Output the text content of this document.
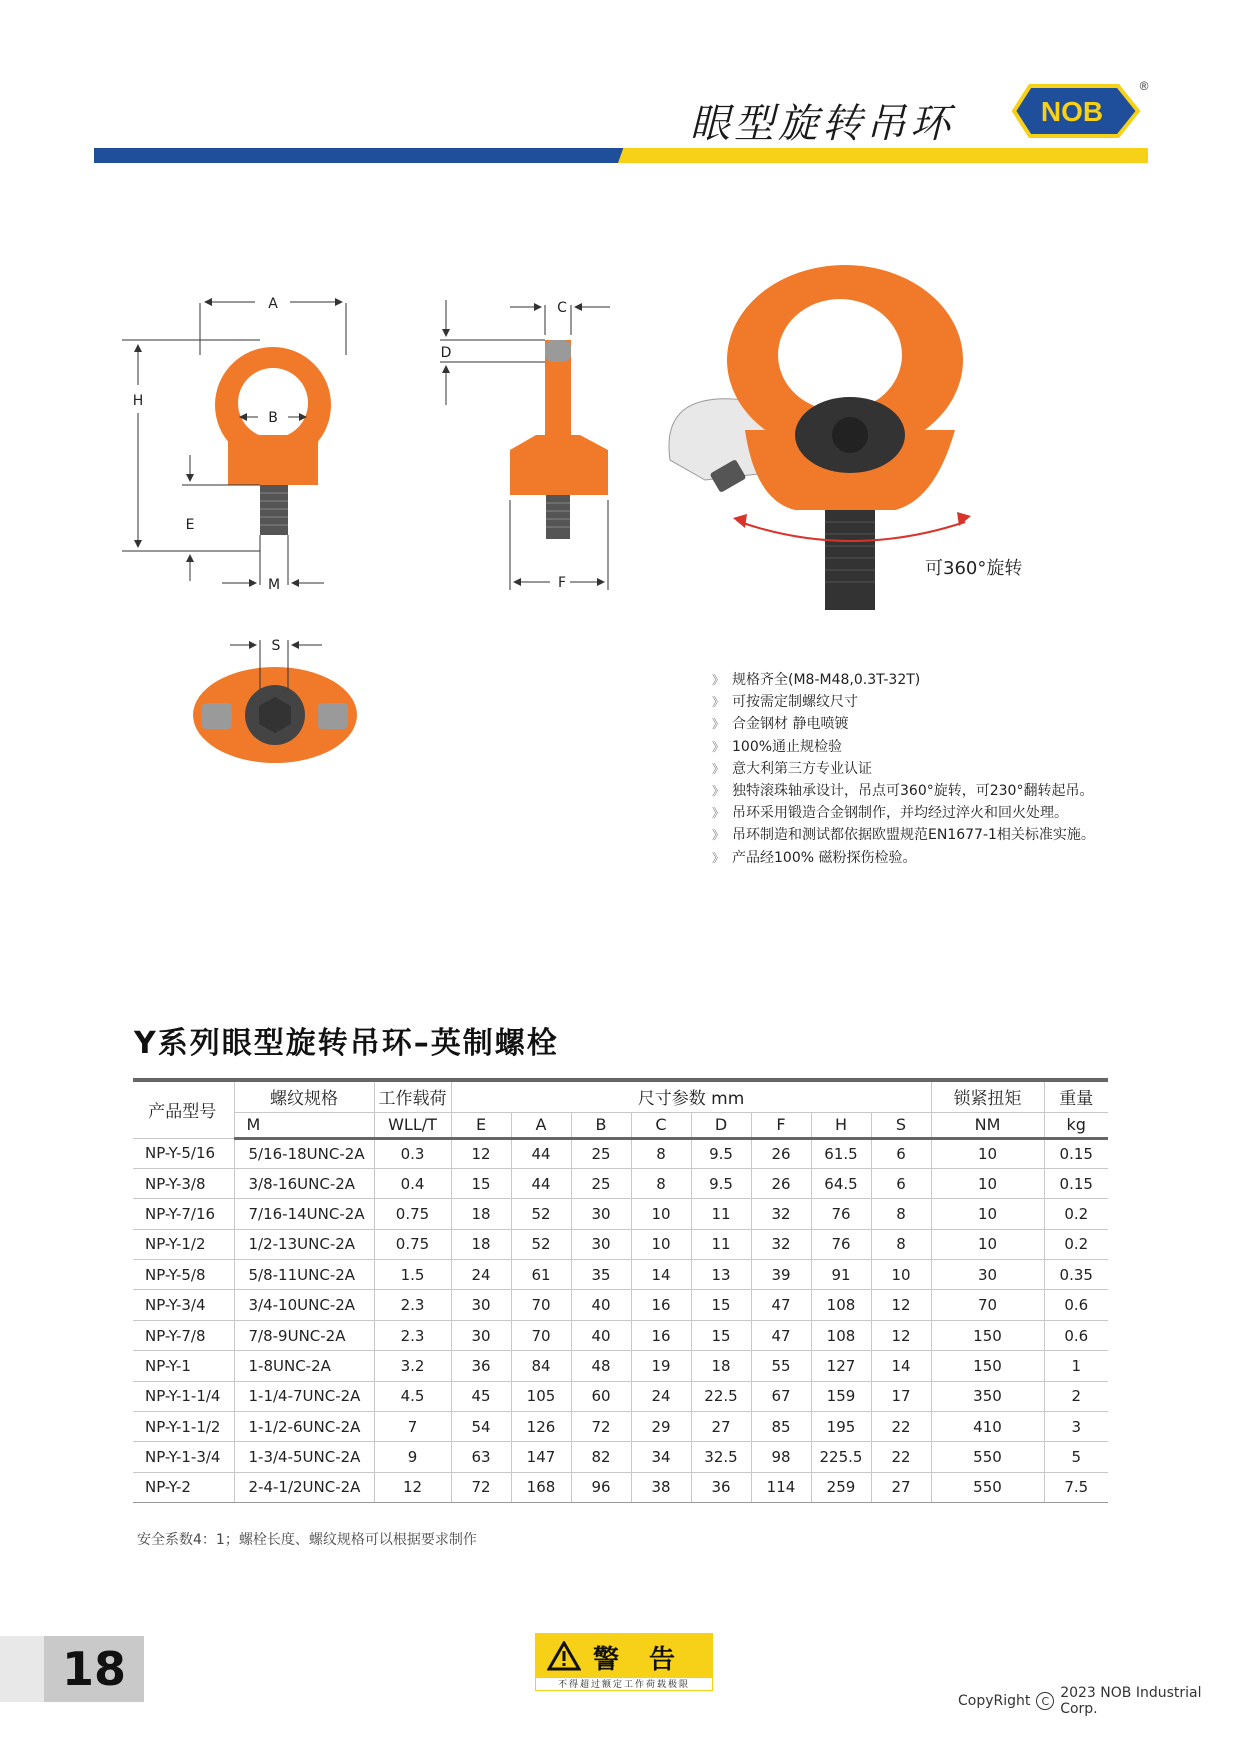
眼型旋转吊环	NOB
®
A
B
H
E
M
C
D
F
S
可360°旋转
》 规格齐全(M8-M48,0.3T-32T)
》 可按需定制螺纹尺寸
》 合金钢材 静电喷镀
》 100%通止规检验
》 意大利第三方专业认证
》 独特滚珠轴承设计，吊点可360°旋转，可230°翻转起吊。
》 吊环采用锻造合金钢制作，并均经过淬火和回火处理。
》 吊环制造和测试都依据欧盟规范EN1677-1相关标准实施。
》 产品经100% 磁粉探伤检验。
Y系列眼型旋转吊环–英制螺栓
产品型号	螺纹规格	工作载荷	尺寸参数 mm								锁紧扭矩	重量
	M	WLL/T	E	A	B	C	D	F	H	S	NM	kg
NP-Y-5/16	5/16-18UNC-2A	0.3	12	44	25	8	9.5	26	61.5	6	10	0.15
NP-Y-3/8	3/8-16UNC-2A	0.4	15	44	25	8	9.5	26	64.5	6	10	0.15
NP-Y-7/16	7/16-14UNC-2A	0.75	18	52	30	10	11	32	76	8	10	0.2
NP-Y-1/2	1/2-13UNC-2A	0.75	18	52	30	10	11	32	76	8	10	0.2
NP-Y-5/8	5/8-11UNC-2A	1.5	24	61	35	14	13	39	91	10	30	0.35
NP-Y-3/4	3/4-10UNC-2A	2.3	30	70	40	16	15	47	108	12	70	0.6
NP-Y-7/8	7/8-9UNC-2A	2.3	30	70	40	16	15	47	108	12	150	0.6
NP-Y-1	1-8UNC-2A	3.2	36	84	48	19	18	55	127	14	150	1
NP-Y-1-1/4	1-1/4-7UNC-2A	4.5	45	105	60	24	22.5	67	159	17	350	2
NP-Y-1-1/2	1-1/2-6UNC-2A	7	54	126	72	29	27	85	195	22	410	3
NP-Y-1-3/4	1-3/4-5UNC-2A	9	63	147	82	34	32.5	98	225.5	22	550	5
NP-Y-2	2-4-1/2UNC-2A	12	72	168	96	38	36	114	259	27	550	7.5
安全系数4：1；螺栓长度、螺纹规格可以根据要求制作
18	警告
不得超过额定工作荷载极限
CopyRight	C 2023 NOB Industrial Corp.
